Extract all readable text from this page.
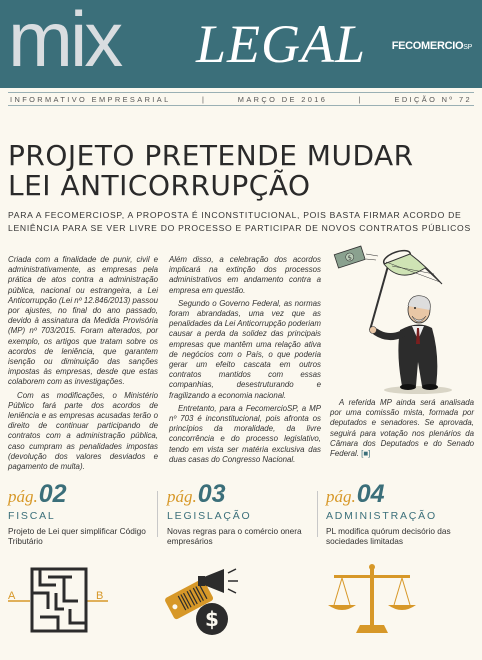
mix LEGAL FECOMERCIOSP
INFORMATIVO EMPRESARIAL	|	MARÇO DE 2016	|	EDIÇÃO Nº 72
PROJETO PRETENDE MUDAR
LEI ANTICORRUPÇÃO
PARA A FECOMERCIOSP, A PROPOSTA É INCONSTITUCIONAL, POIS BASTA FIRMAR ACORDO DE LENIÊNCIA PARA SE VER LIVRE DO PROCESSO E PARTICIPAR DE NOVOS CONTRATOS PÚBLICOS

Criada com a finalidade de punir, civil e administrativamente, as empresas pela prática de atos contra a administração pública, nacional ou estrangeira, a Lei Anticorrupção (Lei nº 12.846/2013) passou por ajustes, no final do ano passado, devido à assinatura da Medida Provisória (MP) nº 703/2015. Foram alterados, por exemplo, os artigos que tratam sobre os acordos de leniência, que garantem isenção ou diminuição das sanções impostas às empresas, desde que estas colaborem com as investigações.

Com as modificações, o Ministério Público fará parte dos acordos de leniência e as empresas acusadas terão o direito de continuar participando de contratos com a administração pública, caso cumpram as penalidades impostas (devolução dos valores desviados e pagamento de multa).

Além disso, a celebração dos acordos implicará na extinção dos processos administrativos em andamento contra a empresa em questão.

Segundo o Governo Federal, as normas foram abrandadas, uma vez que as penalidades da Lei Anticorrupção poderiam causar a perda da solidez das principais empresas que mantêm uma relação ativa de negócios com o País, o que poderia gerar um efeito cascata em outros contratos mantidos com essas companhias, desestruturando e fragilizando a economia nacional.

Entretanto, para a FecomercioSP, a MP nº 703 é inconstitucional, pois afronta os princípios da moralidade, da livre concorrência e do processo legislativo, tendo em vista ser matéria exclusiva das duas casas do Congresso Nacional.

A referida MP ainda será analisada por uma comissão mista, formada por deputados e senadores. Se aprovada, seguirá para votação nos plenários da Câmara dos Deputados e do Senado Federal. [■]

$
pág.02
FISCAL
Projeto de Lei quer simplificar Código Tributário
pág.03
LEGISLAÇÃO
Novas regras para o comércio onera empresários
pág.04
ADMINISTRAÇÃO
PL modifica quórum decisório das sociedades limitadas
A	B
$
